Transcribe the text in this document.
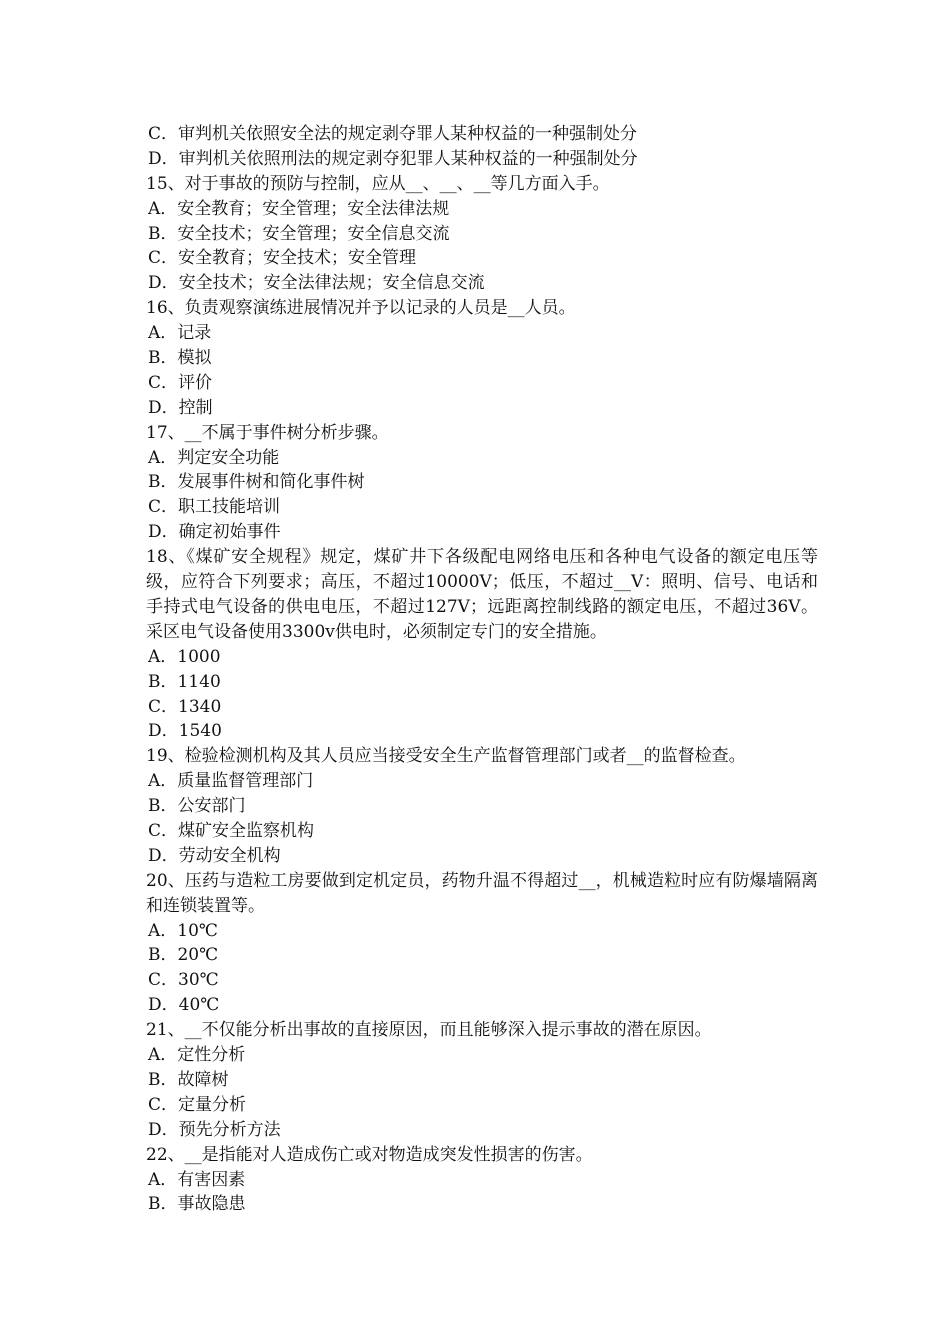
C．审判机关依照安全法的规定剥夺罪人某种权益的一种强制处分
D．审判机关依照刑法的规定剥夺犯罪人某种权益的一种强制处分
15、对于事故的预防与控制，应从__、__、__等几方面入手。
A．安全教育；安全管理；安全法律法规
B．安全技术；安全管理；安全信息交流
C．安全教育；安全技术；安全管理
D．安全技术；安全法律法规；安全信息交流
16、负责观察演练进展情况并予以记录的人员是__人员。
A．记录
B．模拟
C．评价
D．控制
17、__不属于事件树分析步骤。
A．判定安全功能
B．发展事件树和简化事件树
C．职工技能培训
D．确定初始事件
18、《煤矿安全规程》规定，煤矿井下各级配电网络电压和各种电气设备的额定电压等级，应符合下列要求；高压，不超过10000V；低压，不超过__V：照明、信号、电话和手持式电气设备的供电电压，不超过127V；远距离控制线路的额定电压，不超过36V。采区电气设备使用3300v供电时，必须制定专门的安全措施。
A．1000
B．1140
C．1340
D．1540
19、检验检测机构及其人员应当接受安全生产监督管理部门或者__的监督检查。
A．质量监督管理部门
B．公安部门
C．煤矿安全监察机构
D．劳动安全机构
20、压药与造粒工房要做到定机定员，药物升温不得超过__，机械造粒时应有防爆墙隔离和连锁装置等。
A．10℃
B．20℃
C．30℃
D．40℃
21、__不仅能分析出事故的直接原因，而且能够深入提示事故的潜在原因。
A．定性分析
B．故障树
C．定量分析
D．预先分析方法
22、__是指能对人造成伤亡或对物造成突发性损害的伤害。
A．有害因素
B．事故隐患
